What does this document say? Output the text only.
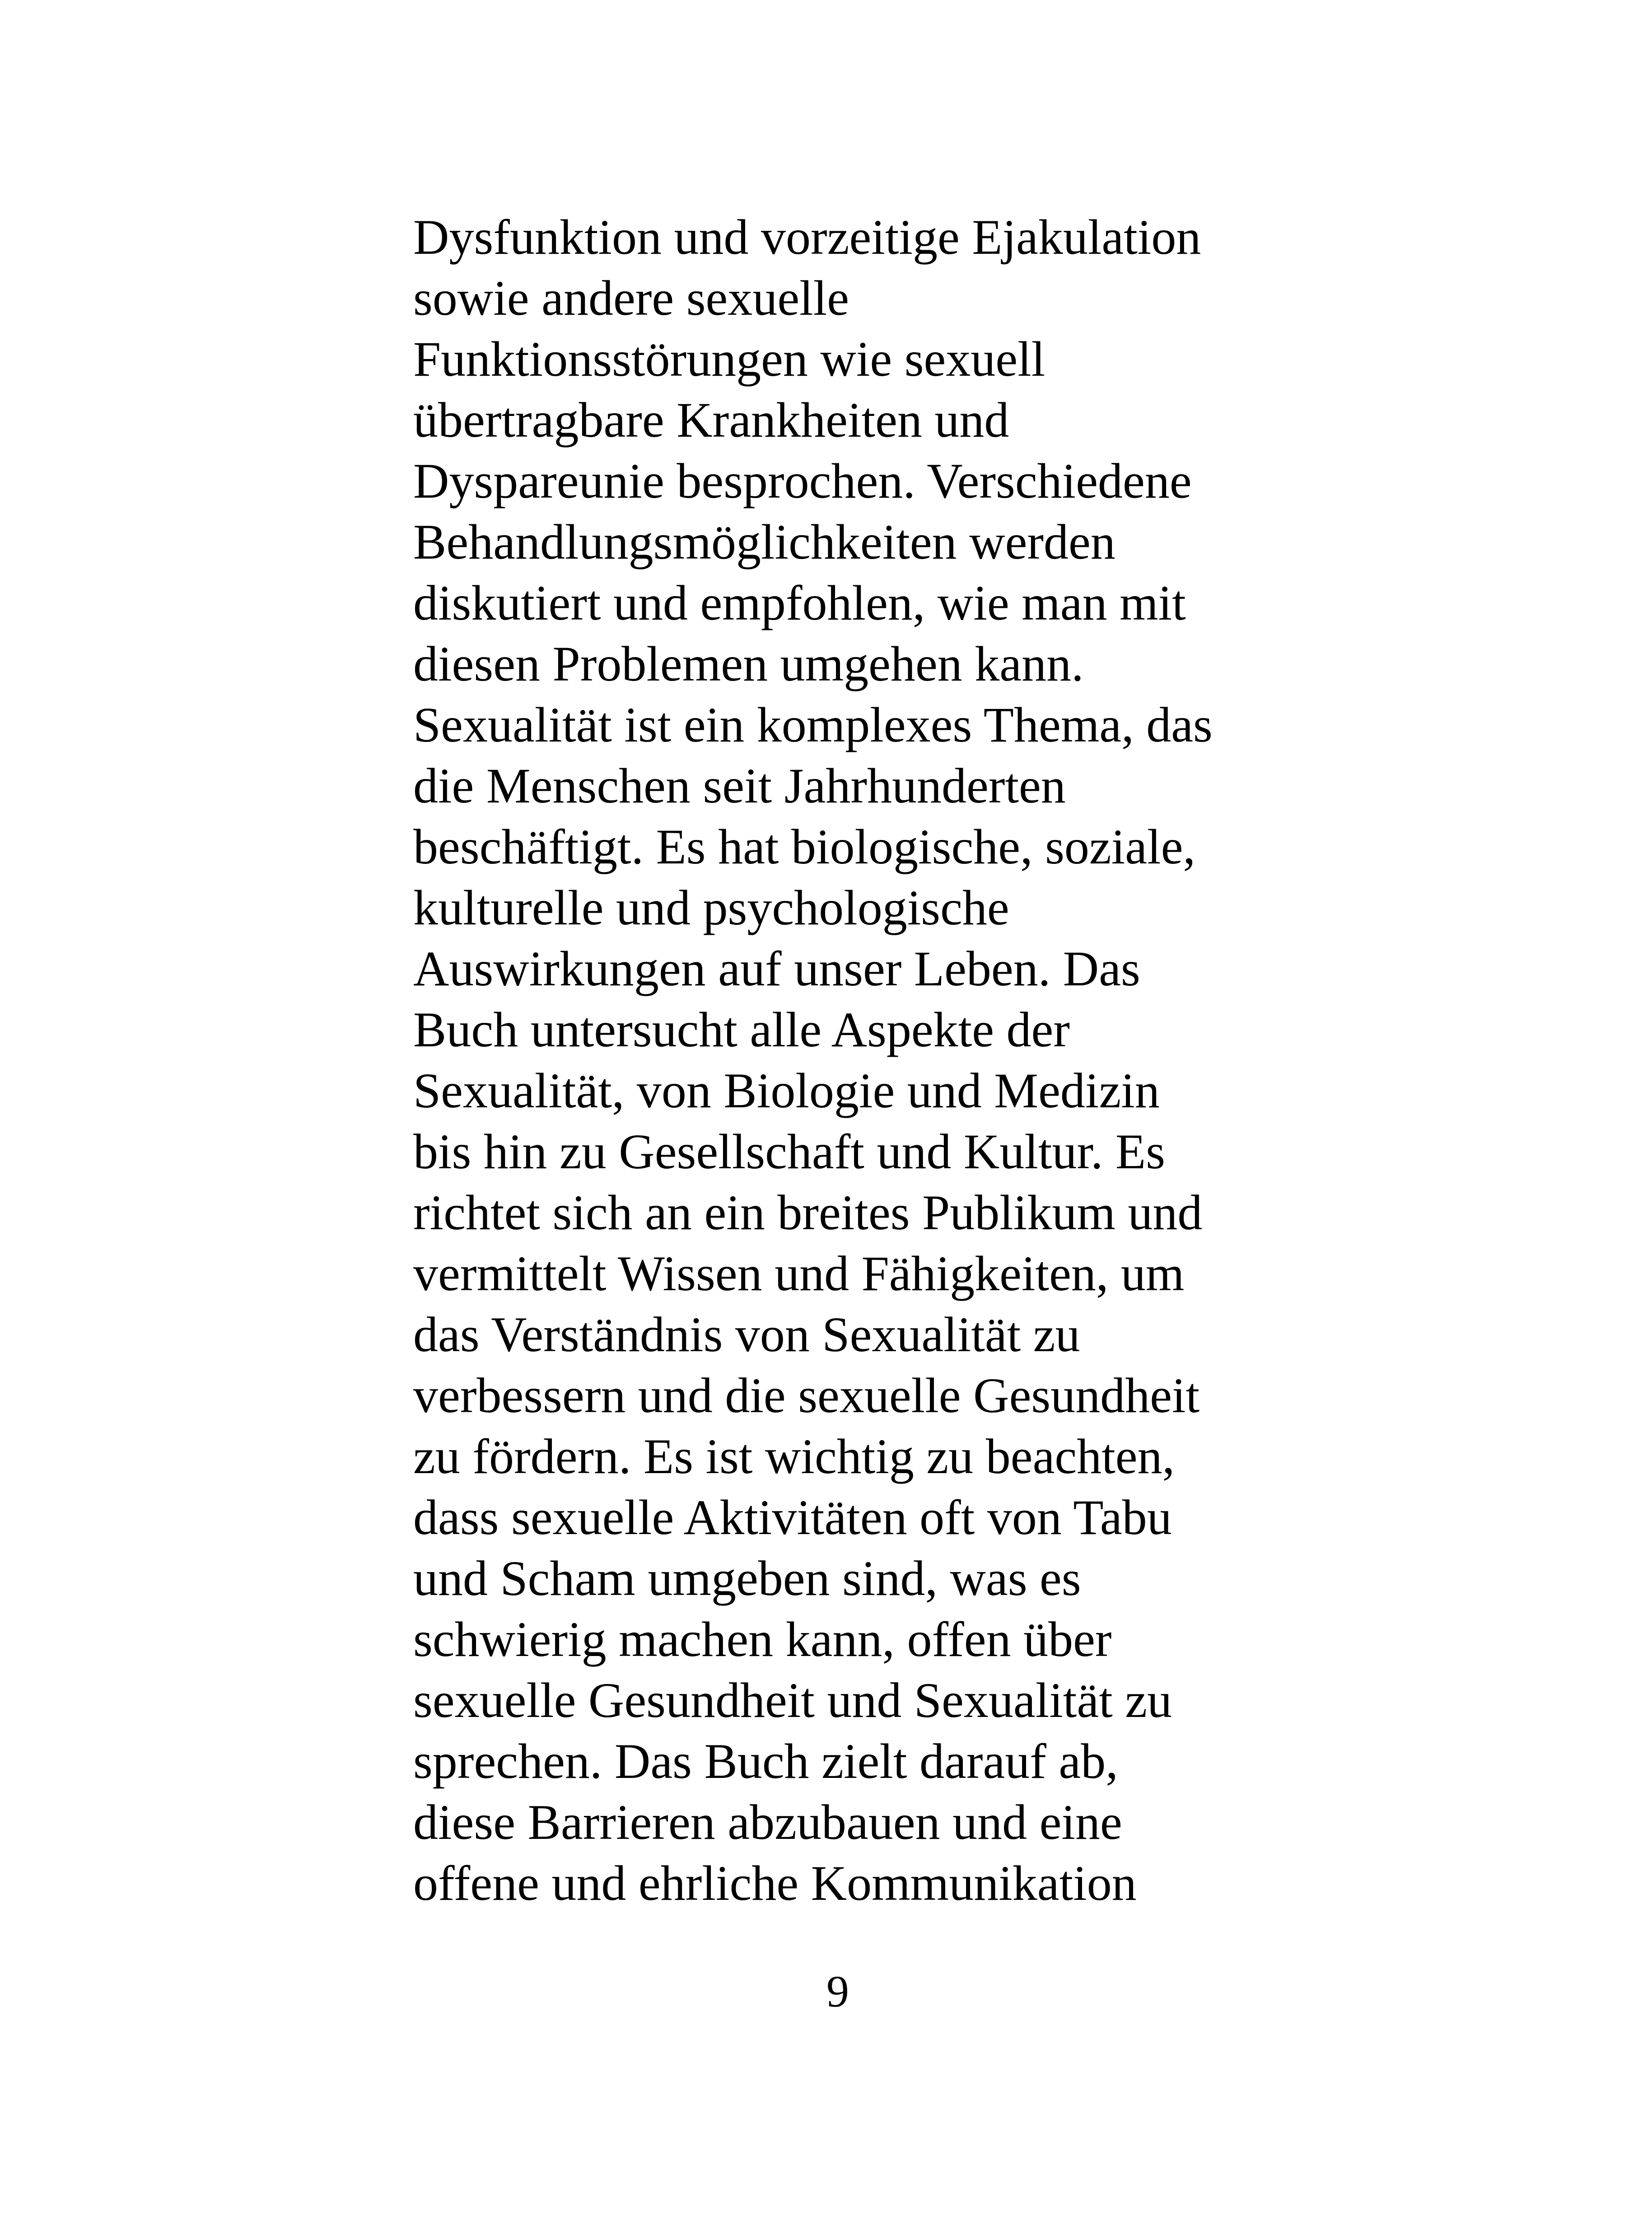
Dysfunktion und vorzeitige Ejakulation
sowie andere sexuelle
Funktionsstörungen wie sexuell
übertragbare Krankheiten und
Dyspareunie besprochen. Verschiedene
Behandlungsmöglichkeiten werden
diskutiert und empfohlen, wie man mit
diesen Problemen umgehen kann.
Sexualität ist ein komplexes Thema, das
die Menschen seit Jahrhunderten
beschäftigt. Es hat biologische, soziale,
kulturelle und psychologische
Auswirkungen auf unser Leben. Das
Buch untersucht alle Aspekte der
Sexualität, von Biologie und Medizin
bis hin zu Gesellschaft und Kultur. Es
richtet sich an ein breites Publikum und
vermittelt Wissen und Fähigkeiten, um
das Verständnis von Sexualität zu
verbessern und die sexuelle Gesundheit
zu fördern. Es ist wichtig zu beachten,
dass sexuelle Aktivitäten oft von Tabu
und Scham umgeben sind, was es
schwierig machen kann, offen über
sexuelle Gesundheit und Sexualität zu
sprechen. Das Buch zielt darauf ab,
diese Barrieren abzubauen und eine
offene und ehrliche Kommunikation
9
